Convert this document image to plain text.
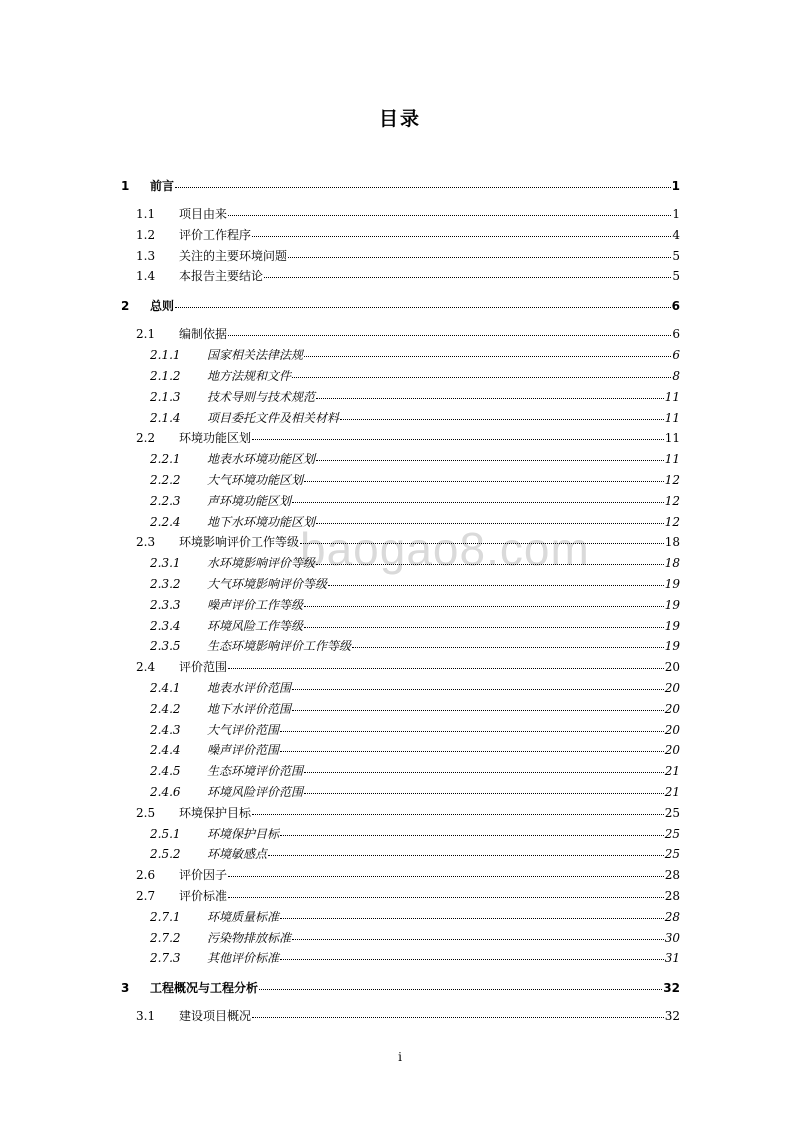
目录
baogao8.com
1 前言	1
1.1 项目由来	1
1.2 评价工作程序	4
1.3 关注的主要环境问题	5
1.4 本报告主要结论	5
2 总则	6
2.1 编制依据	6
2.1.1 国家相关法律法规	6
2.1.2 地方法规和文件	8
2.1.3 技术导则与技术规范	11
2.1.4 项目委托文件及相关材料	11
2.2 环境功能区划	11
2.2.1 地表水环境功能区划	11
2.2.2 大气环境功能区划	12
2.2.3 声环境功能区划	12
2.2.4 地下水环境功能区划	12
2.3 环境影响评价工作等级	18
2.3.1 水环境影响评价等级	18
2.3.2 大气环境影响评价等级	19
2.3.3 噪声评价工作等级	19
2.3.4 环境风险工作等级	19
2.3.5 生态环境影响评价工作等级	19
2.4 评价范围	20
2.4.1 地表水评价范围	20
2.4.2 地下水评价范围	20
2.4.3 大气评价范围	20
2.4.4 噪声评价范围	20
2.4.5 生态环境评价范围	21
2.4.6 环境风险评价范围	21
2.5 环境保护目标	25
2.5.1 环境保护目标	25
2.5.2 环境敏感点	25
2.6 评价因子	28
2.7 评价标准	28
2.7.1 环境质量标准	28
2.7.2 污染物排放标准	30
2.7.3 其他评价标准	31
3 工程概况与工程分析	32
3.1 建设项目概况	32
i
